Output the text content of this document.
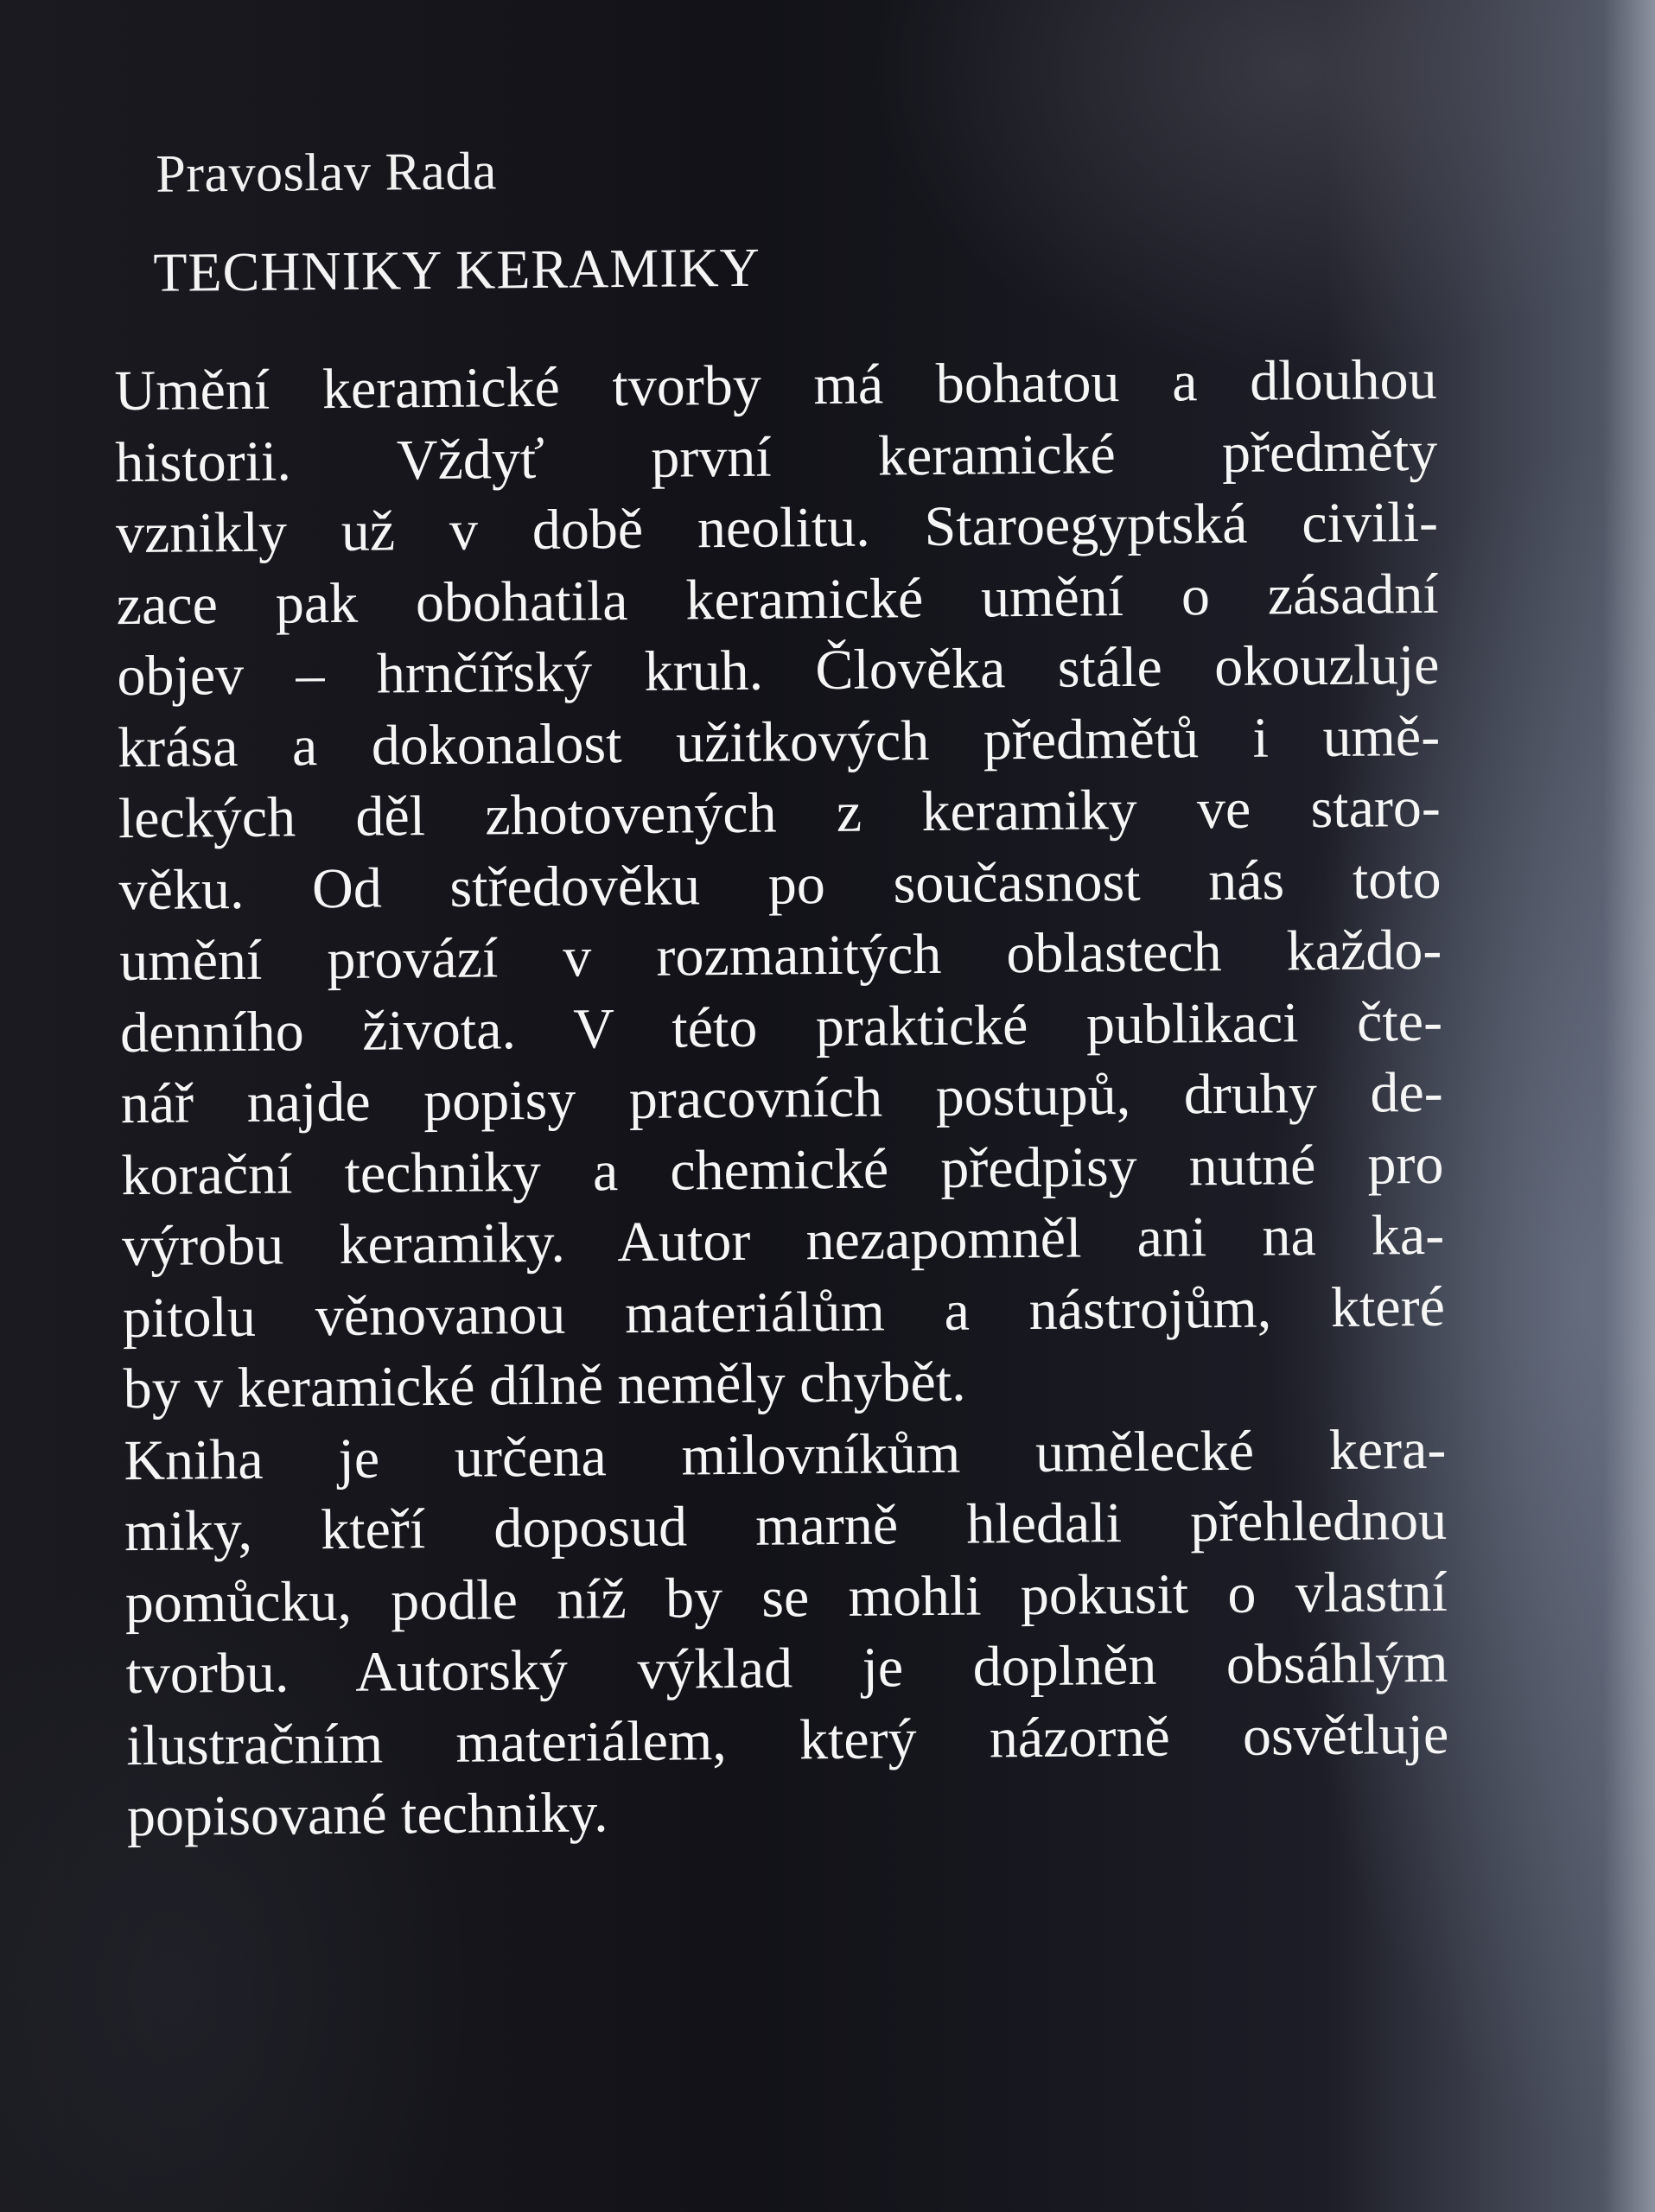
Pravoslav Rada
TECHNIKY KERAMIKY
Umění keramické tvorby má bohatou a dlouhou
historii. Vždyť první keramické předměty
vznikly už v době neolitu. Staroegyptská civili-
zace pak obohatila keramické umění o zásadní
objev – hrnčířský kruh. Člověka stále okouzluje
krása a dokonalost užitkových předmětů i umě-
leckých děl zhotovených z keramiky ve staro-
věku. Od středověku po současnost nás toto
umění provází v rozmanitých oblastech každo-
denního života. V této praktické publikaci čte-
nář najde popisy pracovních postupů, druhy de-
korační techniky a chemické předpisy nutné pro
výrobu keramiky. Autor nezapomněl ani na ka-
pitolu věnovanou materiálům a nástrojům, které
by v keramické dílně neměly chybět.
Kniha je určena milovníkům umělecké kera-
miky, kteří doposud marně hledali přehlednou
pomůcku, podle níž by se mohli pokusit o vlastní
tvorbu. Autorský výklad je doplněn obsáhlým
ilustračním materiálem, který názorně osvětluje
popisované techniky.
